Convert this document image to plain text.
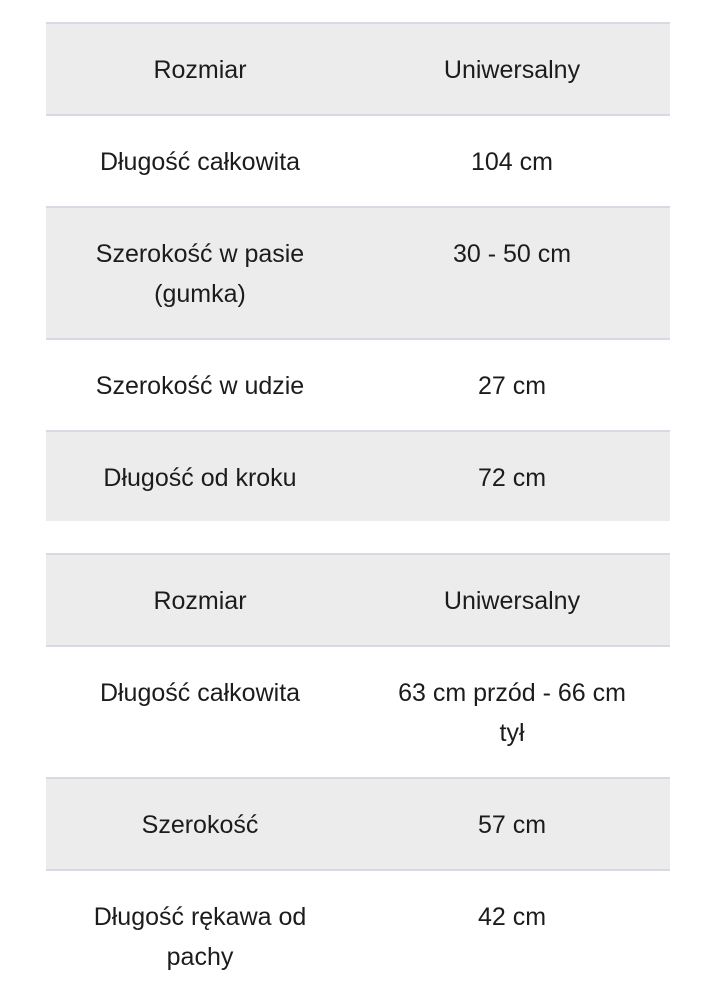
Rozmiar	Uniwersalny
Długość całkowita	104 cm
Szerokość w pasie (gumka)	30 - 50 cm
Szerokość w udzie	27 cm
Długość od kroku	72 cm
Rozmiar	Uniwersalny
Długość całkowita	63 cm przód - 66 cm tył
Szerokość	57 cm
Długość rękawa od pachy	42 cm
